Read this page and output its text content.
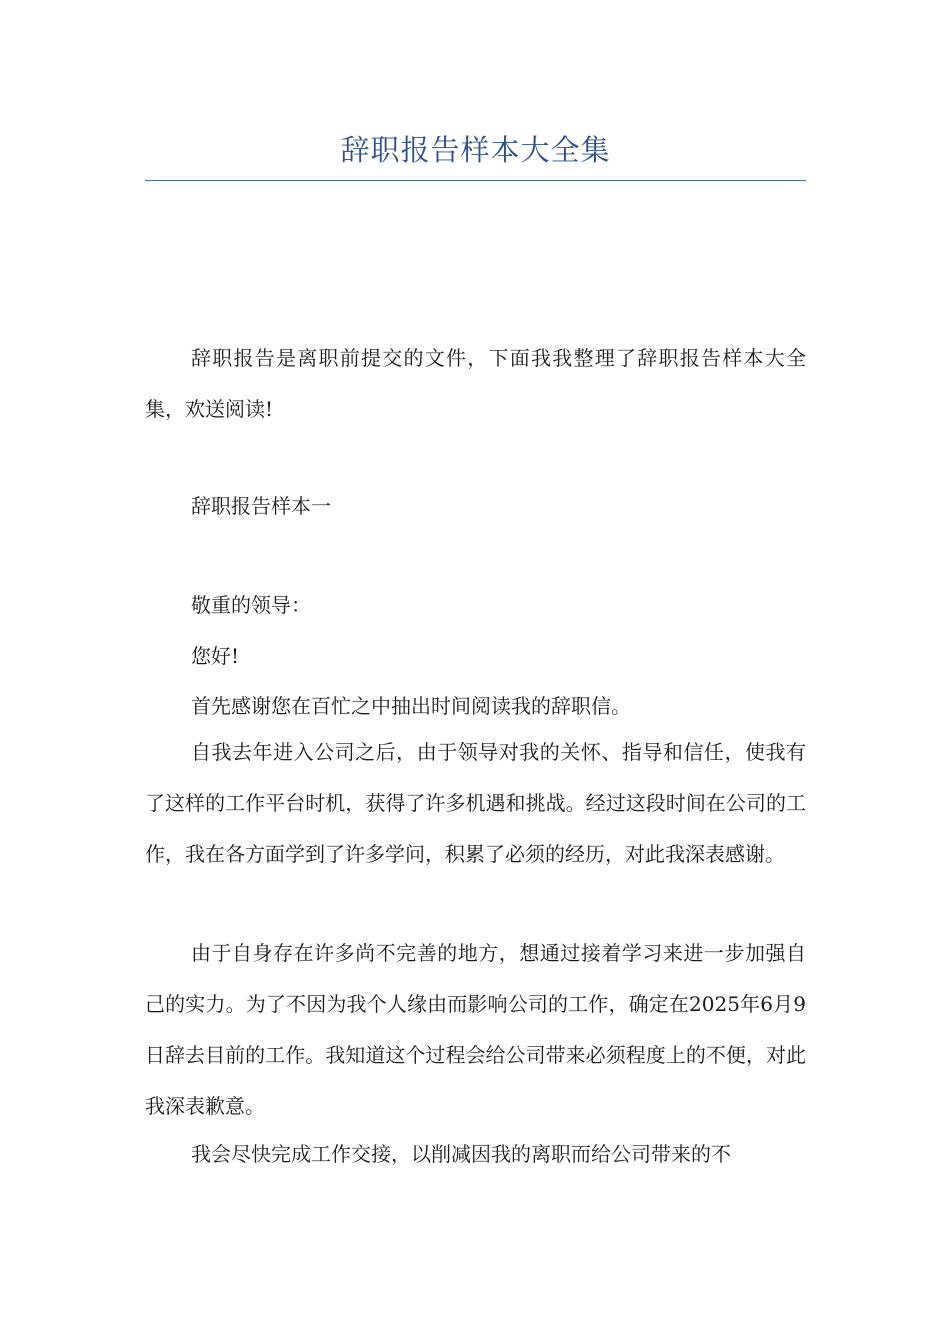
辞职报告样本大全集

辞职报告是离职前提交的文件，下面我我整理了辞职报告样本大全集，欢送阅读!

辞职报告样本一

敬重的领导：

您好!

首先感谢您在百忙之中抽出时间阅读我的辞职信。

自我去年进入公司之后，由于领导对我的关怀、指导和信任，使我有了这样的工作平台时机，获得了许多机遇和挑战。经过这段时间在公司的工作，我在各方面学到了许多学问，积累了必须的经历，对此我深表感谢。

由于自身存在许多尚不完善的地方，想通过接着学习来进一步加强自己的实力。为了不因为我个人缘由而影响公司的工作，确定在2025年6月9日辞去目前的工作。我知道这个过程会给公司带来必须程度上的不便，对此我深表歉意。

我会尽快完成工作交接，以削减因我的离职而给公司带来的不
